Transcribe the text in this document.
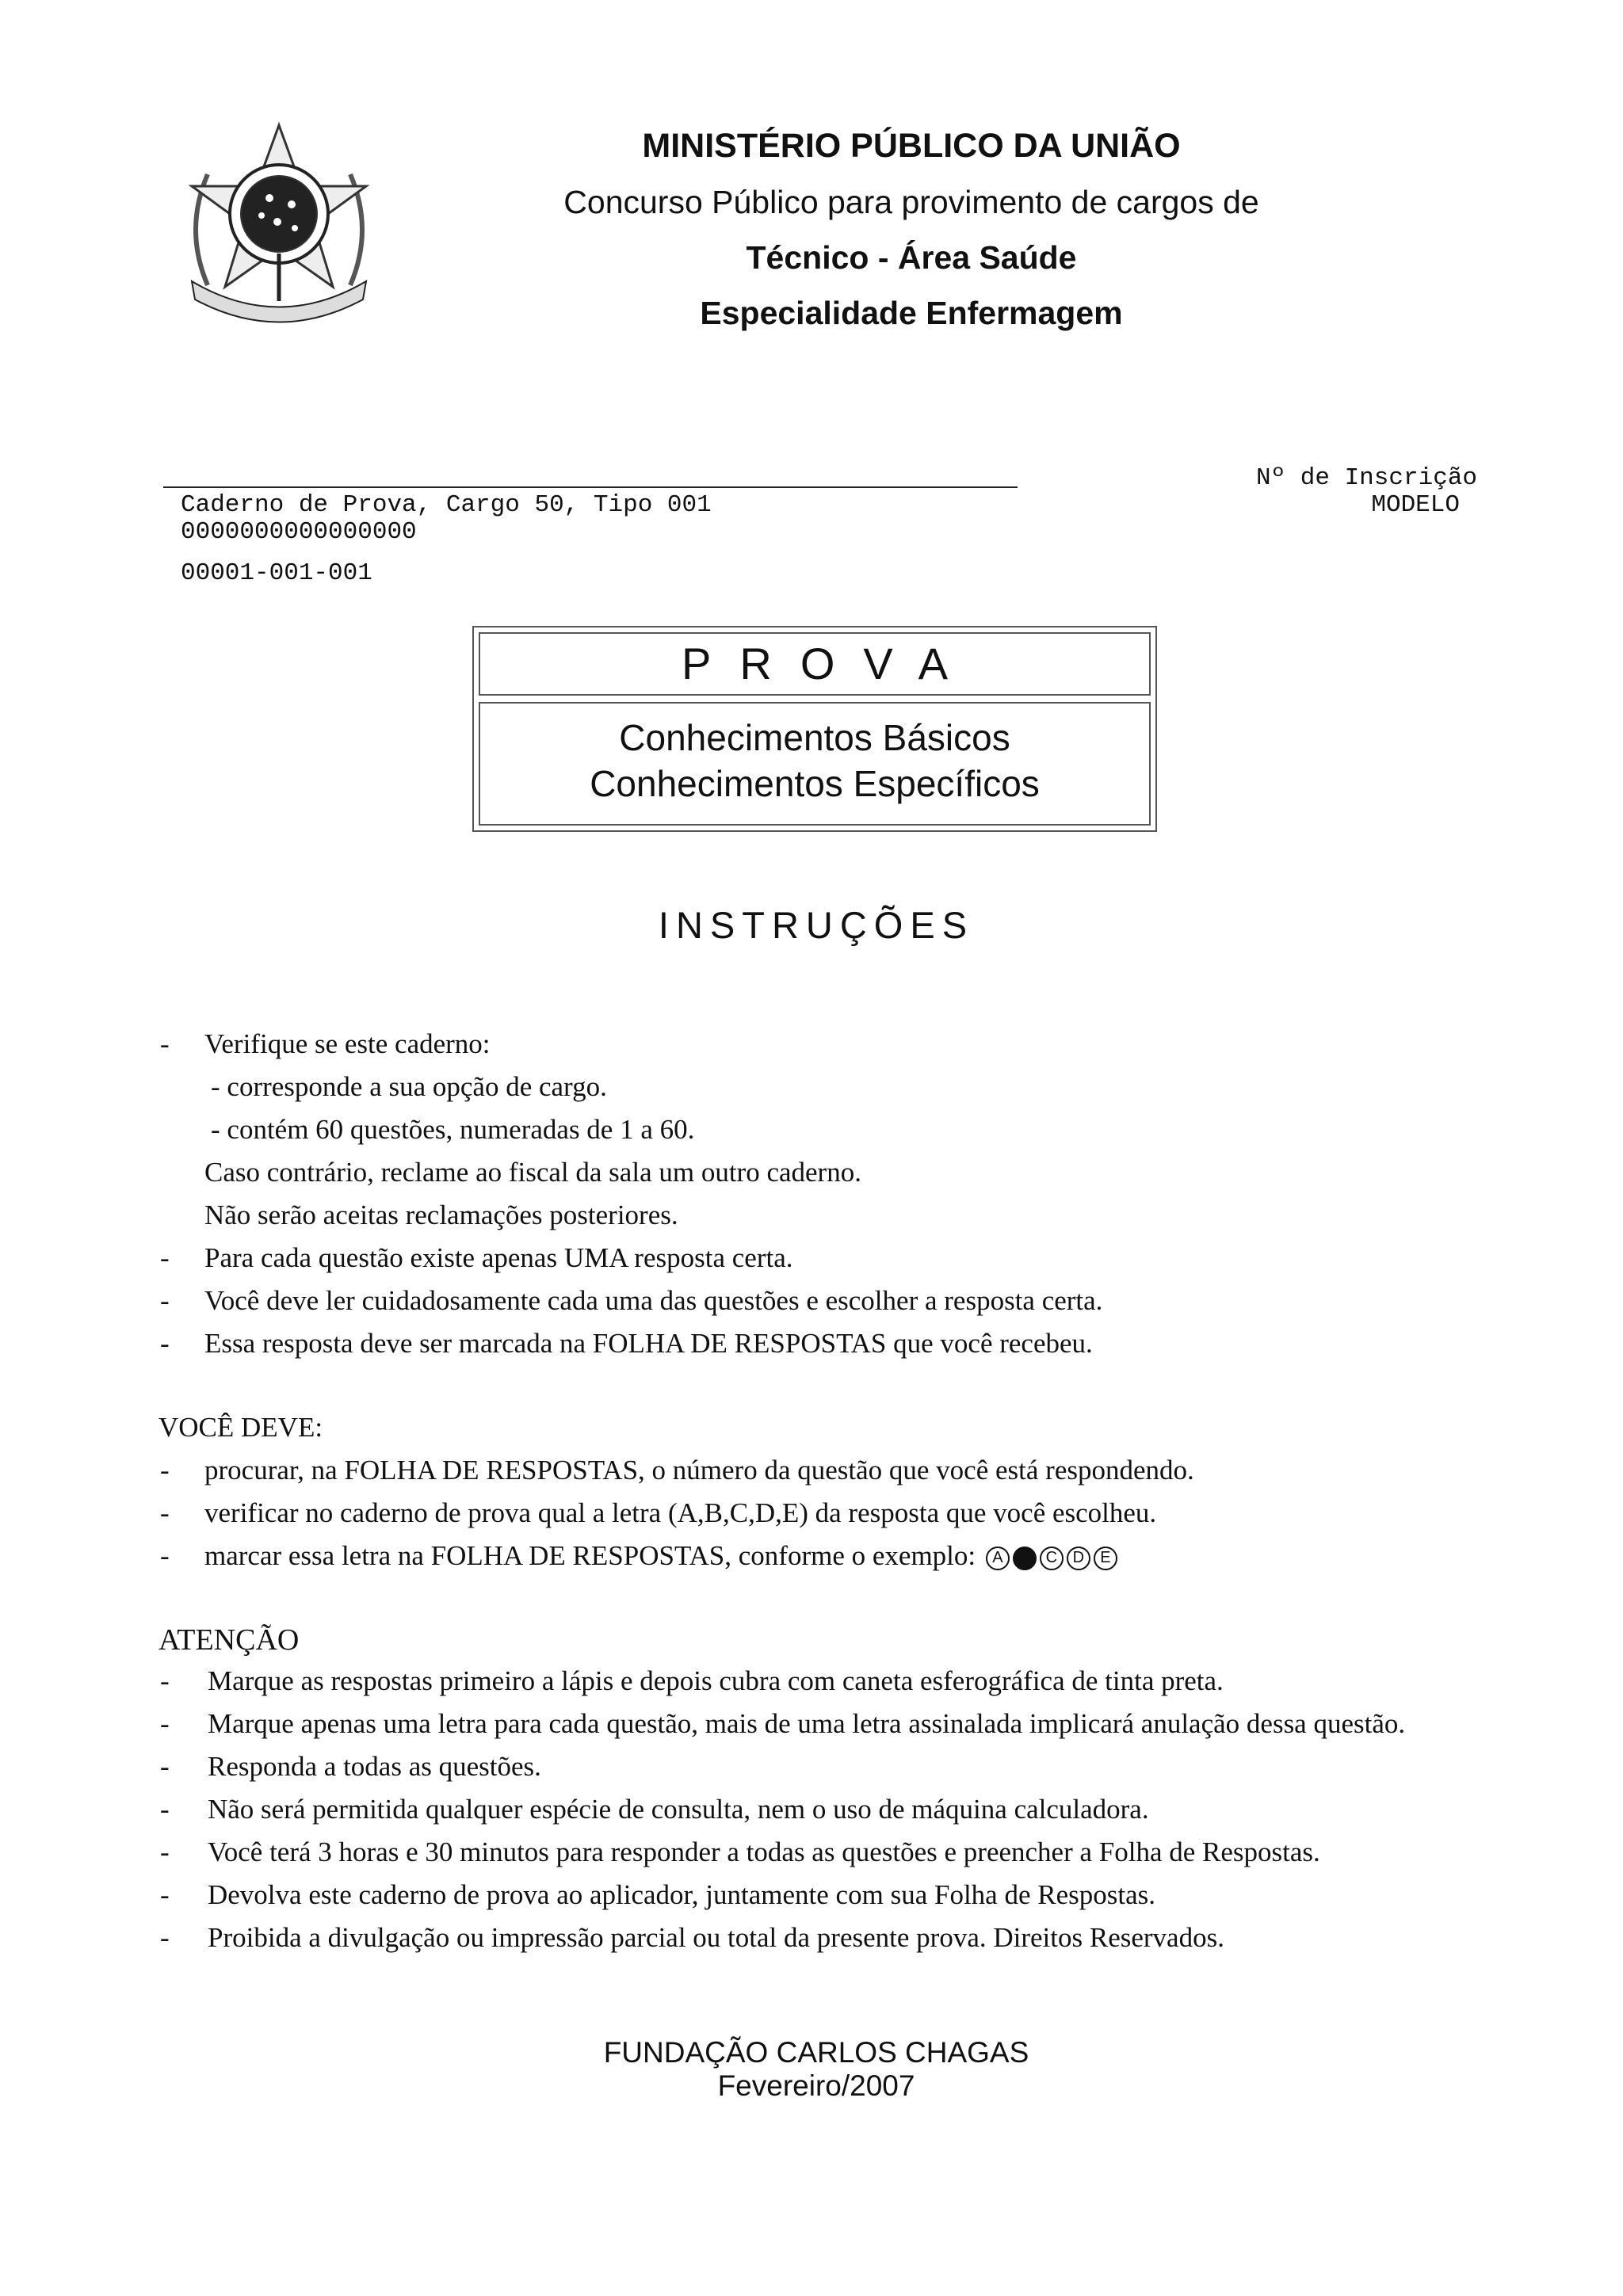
MINISTÉRIO PÚBLICO DA UNIÃO
Concurso Público para provimento de cargos de
Técnico - Área Saúde
Especialidade Enfermagem
Caderno de Prova, Cargo 50, Tipo 001
0000000000000000
00001-001-001
Nº de Inscrição
MODELO
PROVA
Conhecimentos Básicos
Conhecimentos Específicos
INSTRUÇÕES
- Verifique se este caderno:
- corresponde a sua opção de cargo.
- contém 60 questões, numeradas de 1 a 60.
Caso contrário, reclame ao fiscal da sala um outro caderno.
Não serão aceitas reclamações posteriores.
- Para cada questão existe apenas UMA resposta certa.
- Você deve ler cuidadosamente cada uma das questões e escolher a resposta certa.
- Essa resposta deve ser marcada na FOLHA DE RESPOSTAS que você recebeu.
VOCÊ DEVE:
- procurar, na FOLHA DE RESPOSTAS, o número da questão que você está respondendo.
- verificar no caderno de prova qual a letra (A,B,C,D,E) da resposta que você escolheu.
- marcar essa letra na FOLHA DE RESPOSTAS, conforme o exemplo:	A	B	C D	E
ATENÇÃO
- Marque as respostas primeiro a lápis e depois cubra com caneta esferográfica de tinta preta.
- Marque apenas uma letra para cada questão, mais de uma letra assinalada implicará anulação dessa questão.
- Responda a todas as questões.
- Não será permitida qualquer espécie de consulta, nem o uso de máquina calculadora.
- Você terá 3 horas e 30 minutos para responder a todas as questões e preencher a Folha de Respostas.
- Devolva este caderno de prova ao aplicador, juntamente com sua Folha de Respostas.
- Proibida a divulgação ou impressão parcial ou total da presente prova. Direitos Reservados.
FUNDAÇÃO CARLOS CHAGAS
Fevereiro/2007
